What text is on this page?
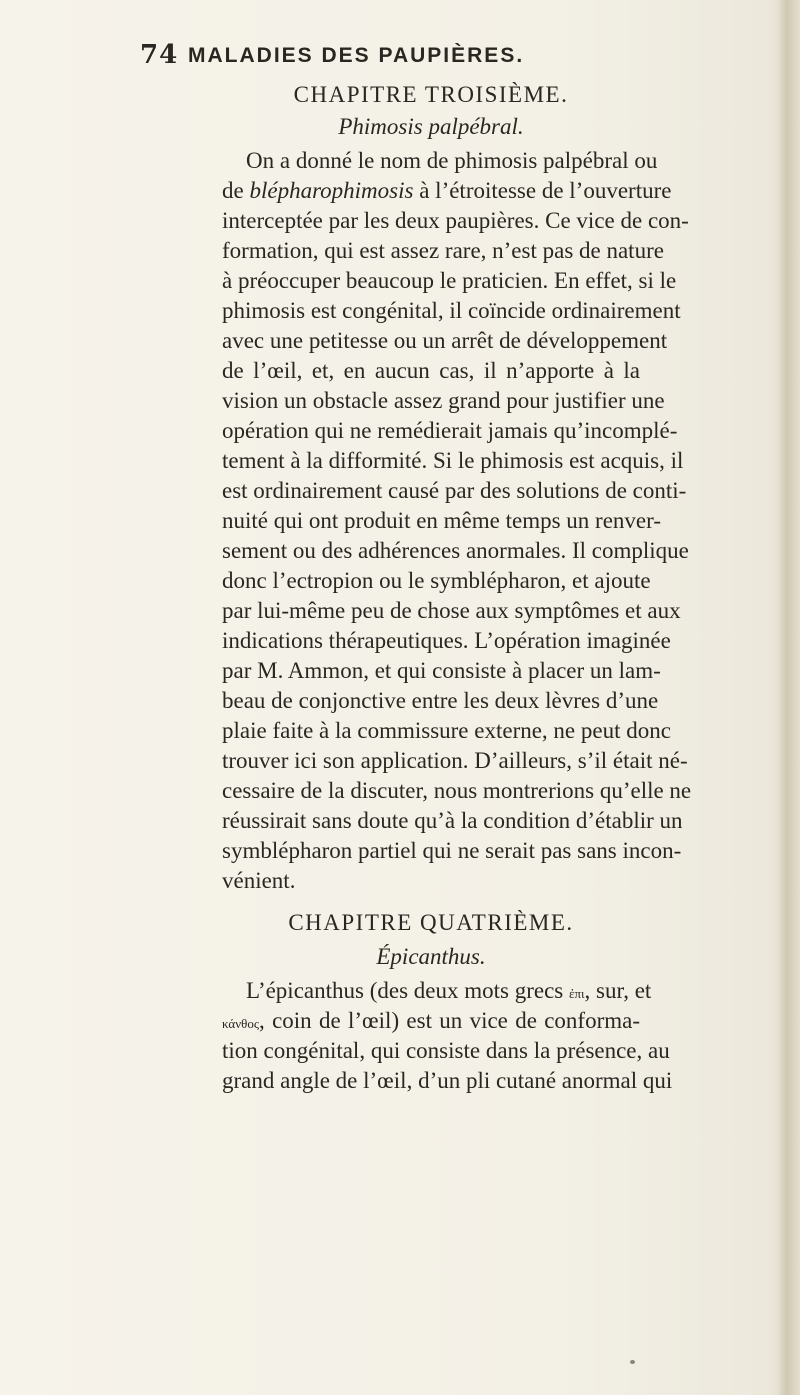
74 MALADIES DES PAUPIÈRES.

CHAPITRE TROISIÈME.

Phimosis palpébral.

On a donné le nom de phimosis palpébral ou
de blépharophimosis à l’étroitesse de l’ouverture
interceptée par les deux paupières. Ce vice de con-
formation, qui est assez rare, n’est pas de nature
à préoccuper beaucoup le praticien. En effet, si le
phimosis est congénital, il coïncide ordinairement
avec une petitesse ou un arrêt de développement
de l’œil, et, en aucun cas, il n’apporte à la
vision un obstacle assez grand pour justifier une
opération qui ne remédierait jamais qu’incomplé-
tement à la difformité. Si le phimosis est acquis, il
est ordinairement causé par des solutions de conti-
nuité qui ont produit en même temps un renver-
sement ou des adhérences anormales. Il complique
donc l’ectropion ou le symblépharon, et ajoute
par lui-même peu de chose aux symptômes et aux
indications thérapeutiques. L’opération imaginée
par M. Ammon, et qui consiste à placer un lam-
beau de conjonctive entre les deux lèvres d’une
plaie faite à la commissure externe, ne peut donc
trouver ici son application. D’ailleurs, s’il était né-
cessaire de la discuter, nous montrerions qu’elle ne
réussirait sans doute qu’à la condition d’établir un
symblépharon partiel qui ne serait pas sans incon-
vénient.

CHAPITRE QUATRIÈME.

Épicanthus.

L’épicanthus (des deux mots grecs ἐπι, sur, et
κάνθος, coin de l’œil) est un vice de conforma-
tion congénital, qui consiste dans la présence, au
grand angle de l’œil, d’un pli cutané anormal qui
